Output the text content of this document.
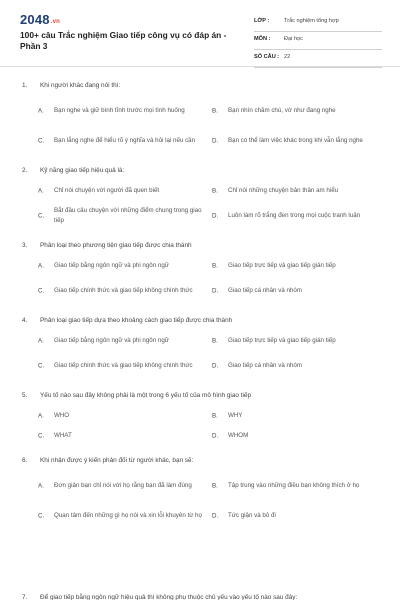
2048.vn
100+ câu Trắc nghiệm Giao tiếp công vụ có đáp án - Phần 3
LỚP :	Trắc nghiệm tổng hợp
MÔN : Đại học
SỐ CÂU : 22
1. Khi người khác đang nói thì:
A. Bạn nghe và giữ bình tĩnh trước mọi tình huống	B. Bạn nhìn chăm chú, vờ như đang nghe
C. Bạn lắng nghe để hiểu rõ ý nghĩa và hỏi lại nếu cần	D. Bạn có thể làm việc khác trong khi vẫn lắng nghe
2. Kỹ năng giao tiếp hiệu quả là:
A. Chỉ nói chuyện với người đã quen biết	B. Chỉ nói những chuyện bản thân am hiểu
C.
Bắt đầu câu chuyện với những điểm chung trong giao tiếp
D. Luôn làm rõ trắng đen trong mọi cuộc tranh luận
3. Phân loại theo phương tiện giao tiếp được chia thành
A. Giao tiếp bằng ngôn ngữ và phi ngôn ngữ	B. Giao tiếp trực tiếp và giao tiếp gián tiếp
C. Giao tiếp chính thức và giao tiếp không chính thức	D. Giao tiếp cá nhân và nhóm
4. Phân loại giao tiếp dựa theo khoảng cách giao tiếp được chia thành
A. Giao tiếp bằng ngôn ngữ và phi ngôn ngữ	B. Giao tiếp trực tiếp và giao tiếp gián tiếp
C. Giao tiếp chính thức và giao tiếp không chính thức	D. Giao tiếp cá nhân và nhóm
5. Yếu tố nào sau đây không phải là một trong 6 yếu tố của mô hình giao tiếp
A. WHO	B. WHY
C. WHAT	D. WHOM
6. Khi nhận được ý kiến phản đối từ người khác, bạn sẽ:
A. Đơn giản bạn chỉ nói với họ rằng bạn đã làm đúng	B. Tập trung vào những điều bạn không thích ở họ
C. Quan tâm đến những gì họ nói và xin lỗi khuyên từ họ	D. Tức giận và bỏ đi
7. Để giao tiếp bằng ngôn ngữ hiệu quả thì không phụ thuộc chủ yếu vào yếu tố nào sau đây:
